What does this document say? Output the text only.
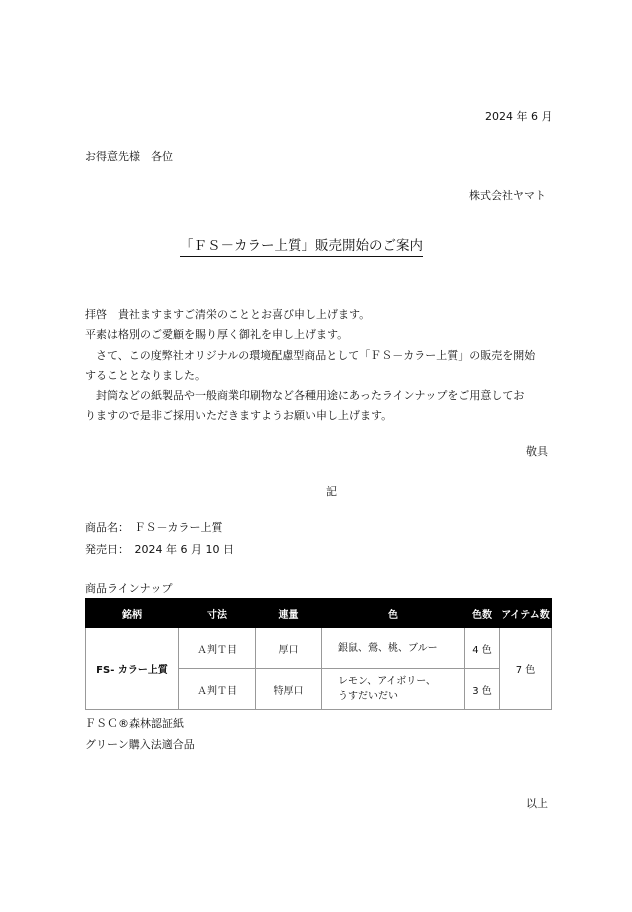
2024 年 6 月
お得意先様　各位
株式会社ヤマト
「ＦＳ－カラー上質」販売開始のご案内
拝啓　貴社ますますご清栄のこととお喜び申し上げます。
平素は格別のご愛顧を賜り厚く御礼を申し上げます。
　さて、この度弊社オリジナルの環境配慮型商品として「ＦＳ－カラー上質」の販売を開始
することとなりました。
　封筒などの紙製品や一般商業印刷物など各種用途にあったラインナップをご用意してお
りますので是非ご採用いただきますようお願い申し上げます。
敬具
記
商品名：　ＦＳ－カラー上質
発売日：　2024 年 6 月 10 日
商品ラインナップ
銘柄	寸法	連量	色	色数	アイテム数
FS- カラー上質	Ａ判Ｔ目	厚口	銀鼠、鶯、桃、ブルー	4 色	7 色
	Ａ判Ｔ目	特厚口	レモン、アイボリー、
うすだいだい	3 色	
ＦＳＣ®森林認証紙
グリーン購入法適合品
以上
